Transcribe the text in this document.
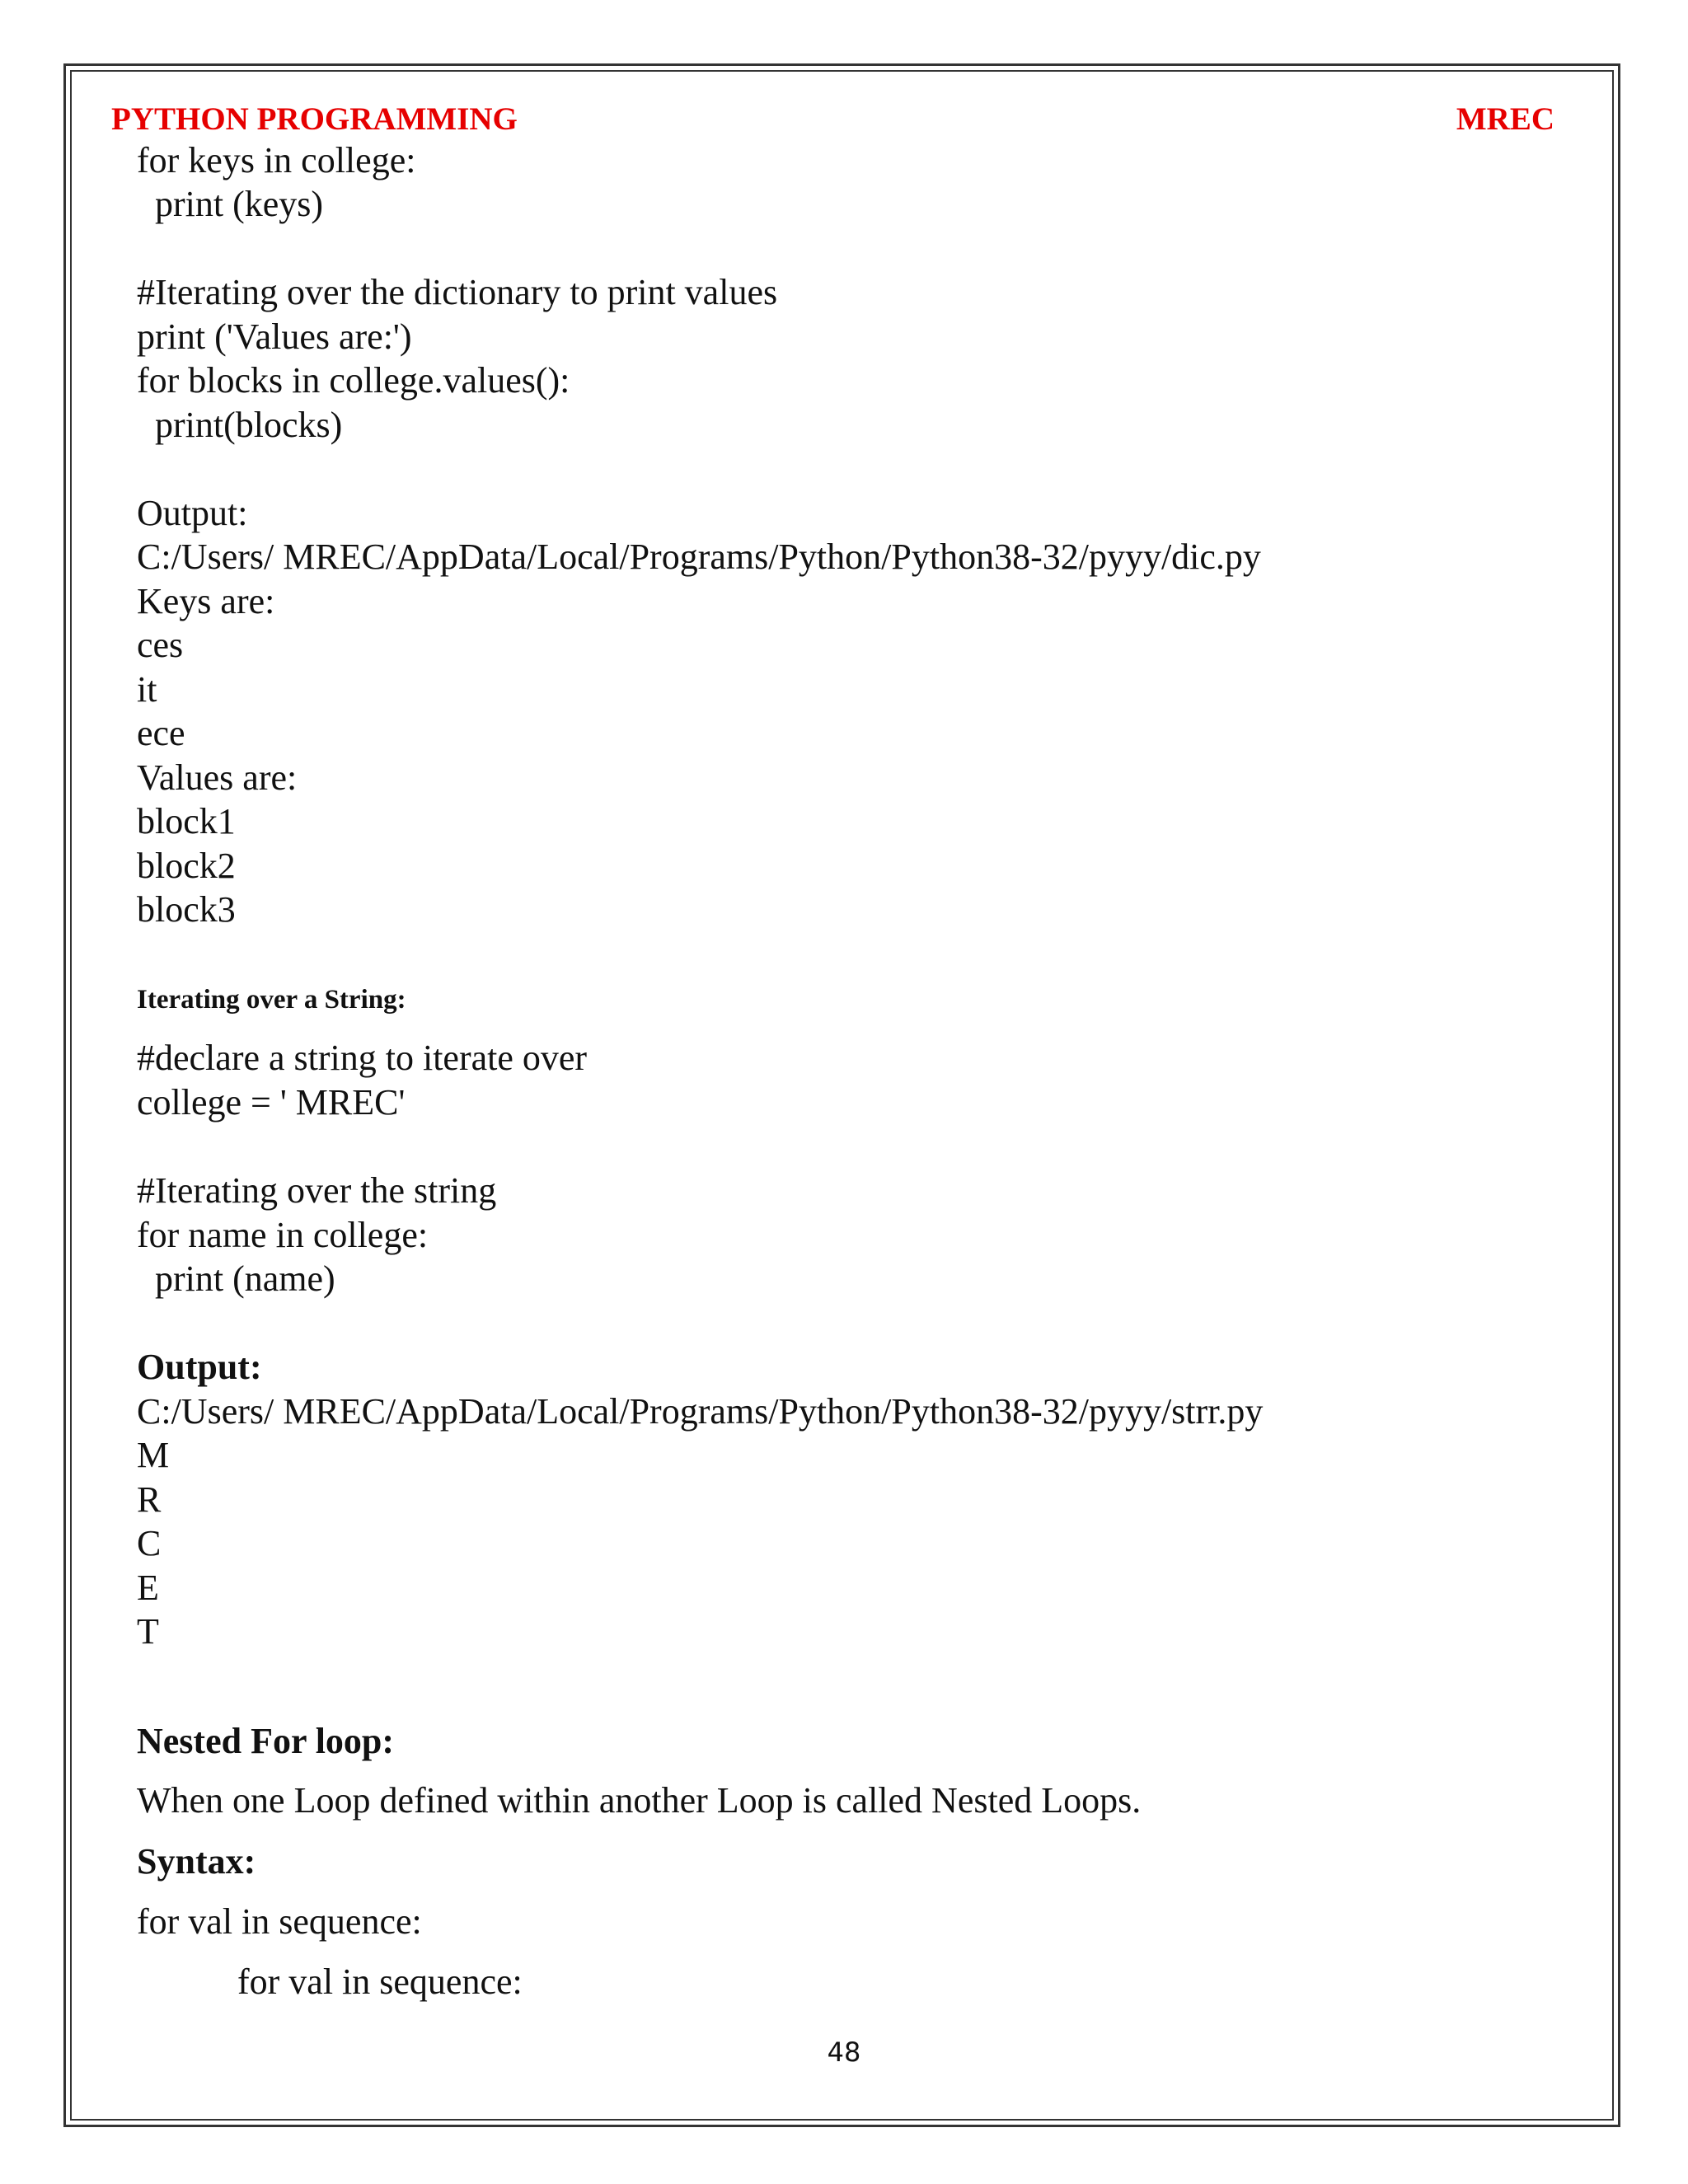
PYTHON PROGRAMMING	MREC
for keys in college:
print (keys)
#Iterating over the dictionary to print values
print ('Values are:')
for blocks in college.values():
print(blocks)
Output:
C:/Users/ MREC/AppData/Local/Programs/Python/Python38-32/pyyy/dic.py
Keys are:
ces
it
ece
Values are:
block1
block2
block3
Iterating over a String:
#declare a string to iterate over
college = ' MREC'
#Iterating over the string
for name in college:
print (name)
Output:
C:/Users/ MREC/AppData/Local/Programs/Python/Python38-32/pyyy/strr.py
M
R
C
E
T
Nested For loop:
When one Loop defined within another Loop is called Nested Loops.
Syntax:
for val in sequence:
for val in sequence:
48
